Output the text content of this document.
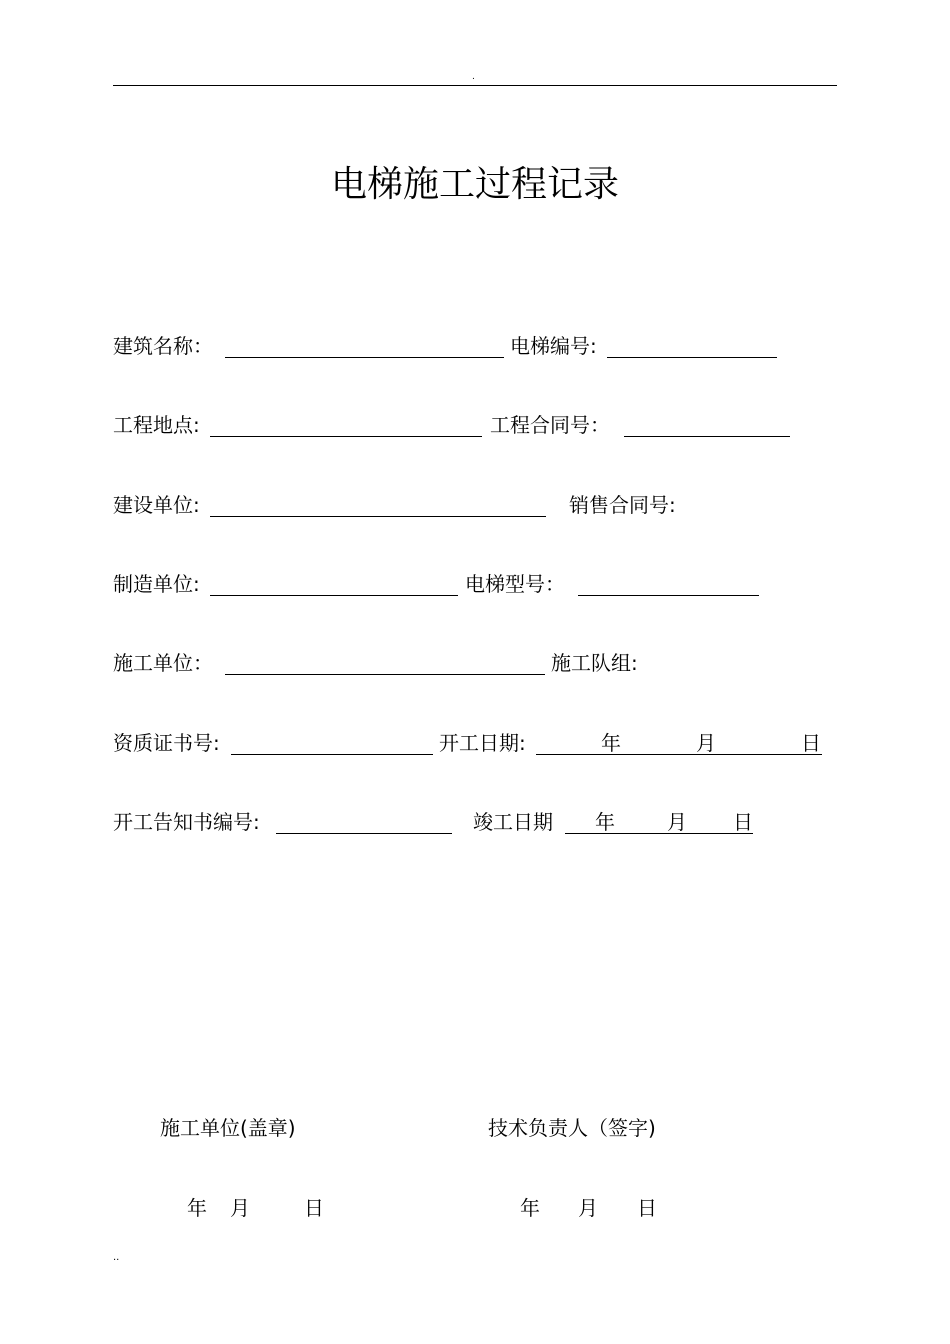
.
电梯施工过程记录
建筑名称：	电梯编号:
工程地点:	工程合同号：
建设单位:	销售合同号:
制造单位:	电梯型号：
施工单位：	施工队组:
资质证书号:	开工日期:	年	月	日
开工告知书编号:	竣工日期 年	月 日
施工单位(盖章)	技术负责人（签字)
年 月	日	年 月 日
..
